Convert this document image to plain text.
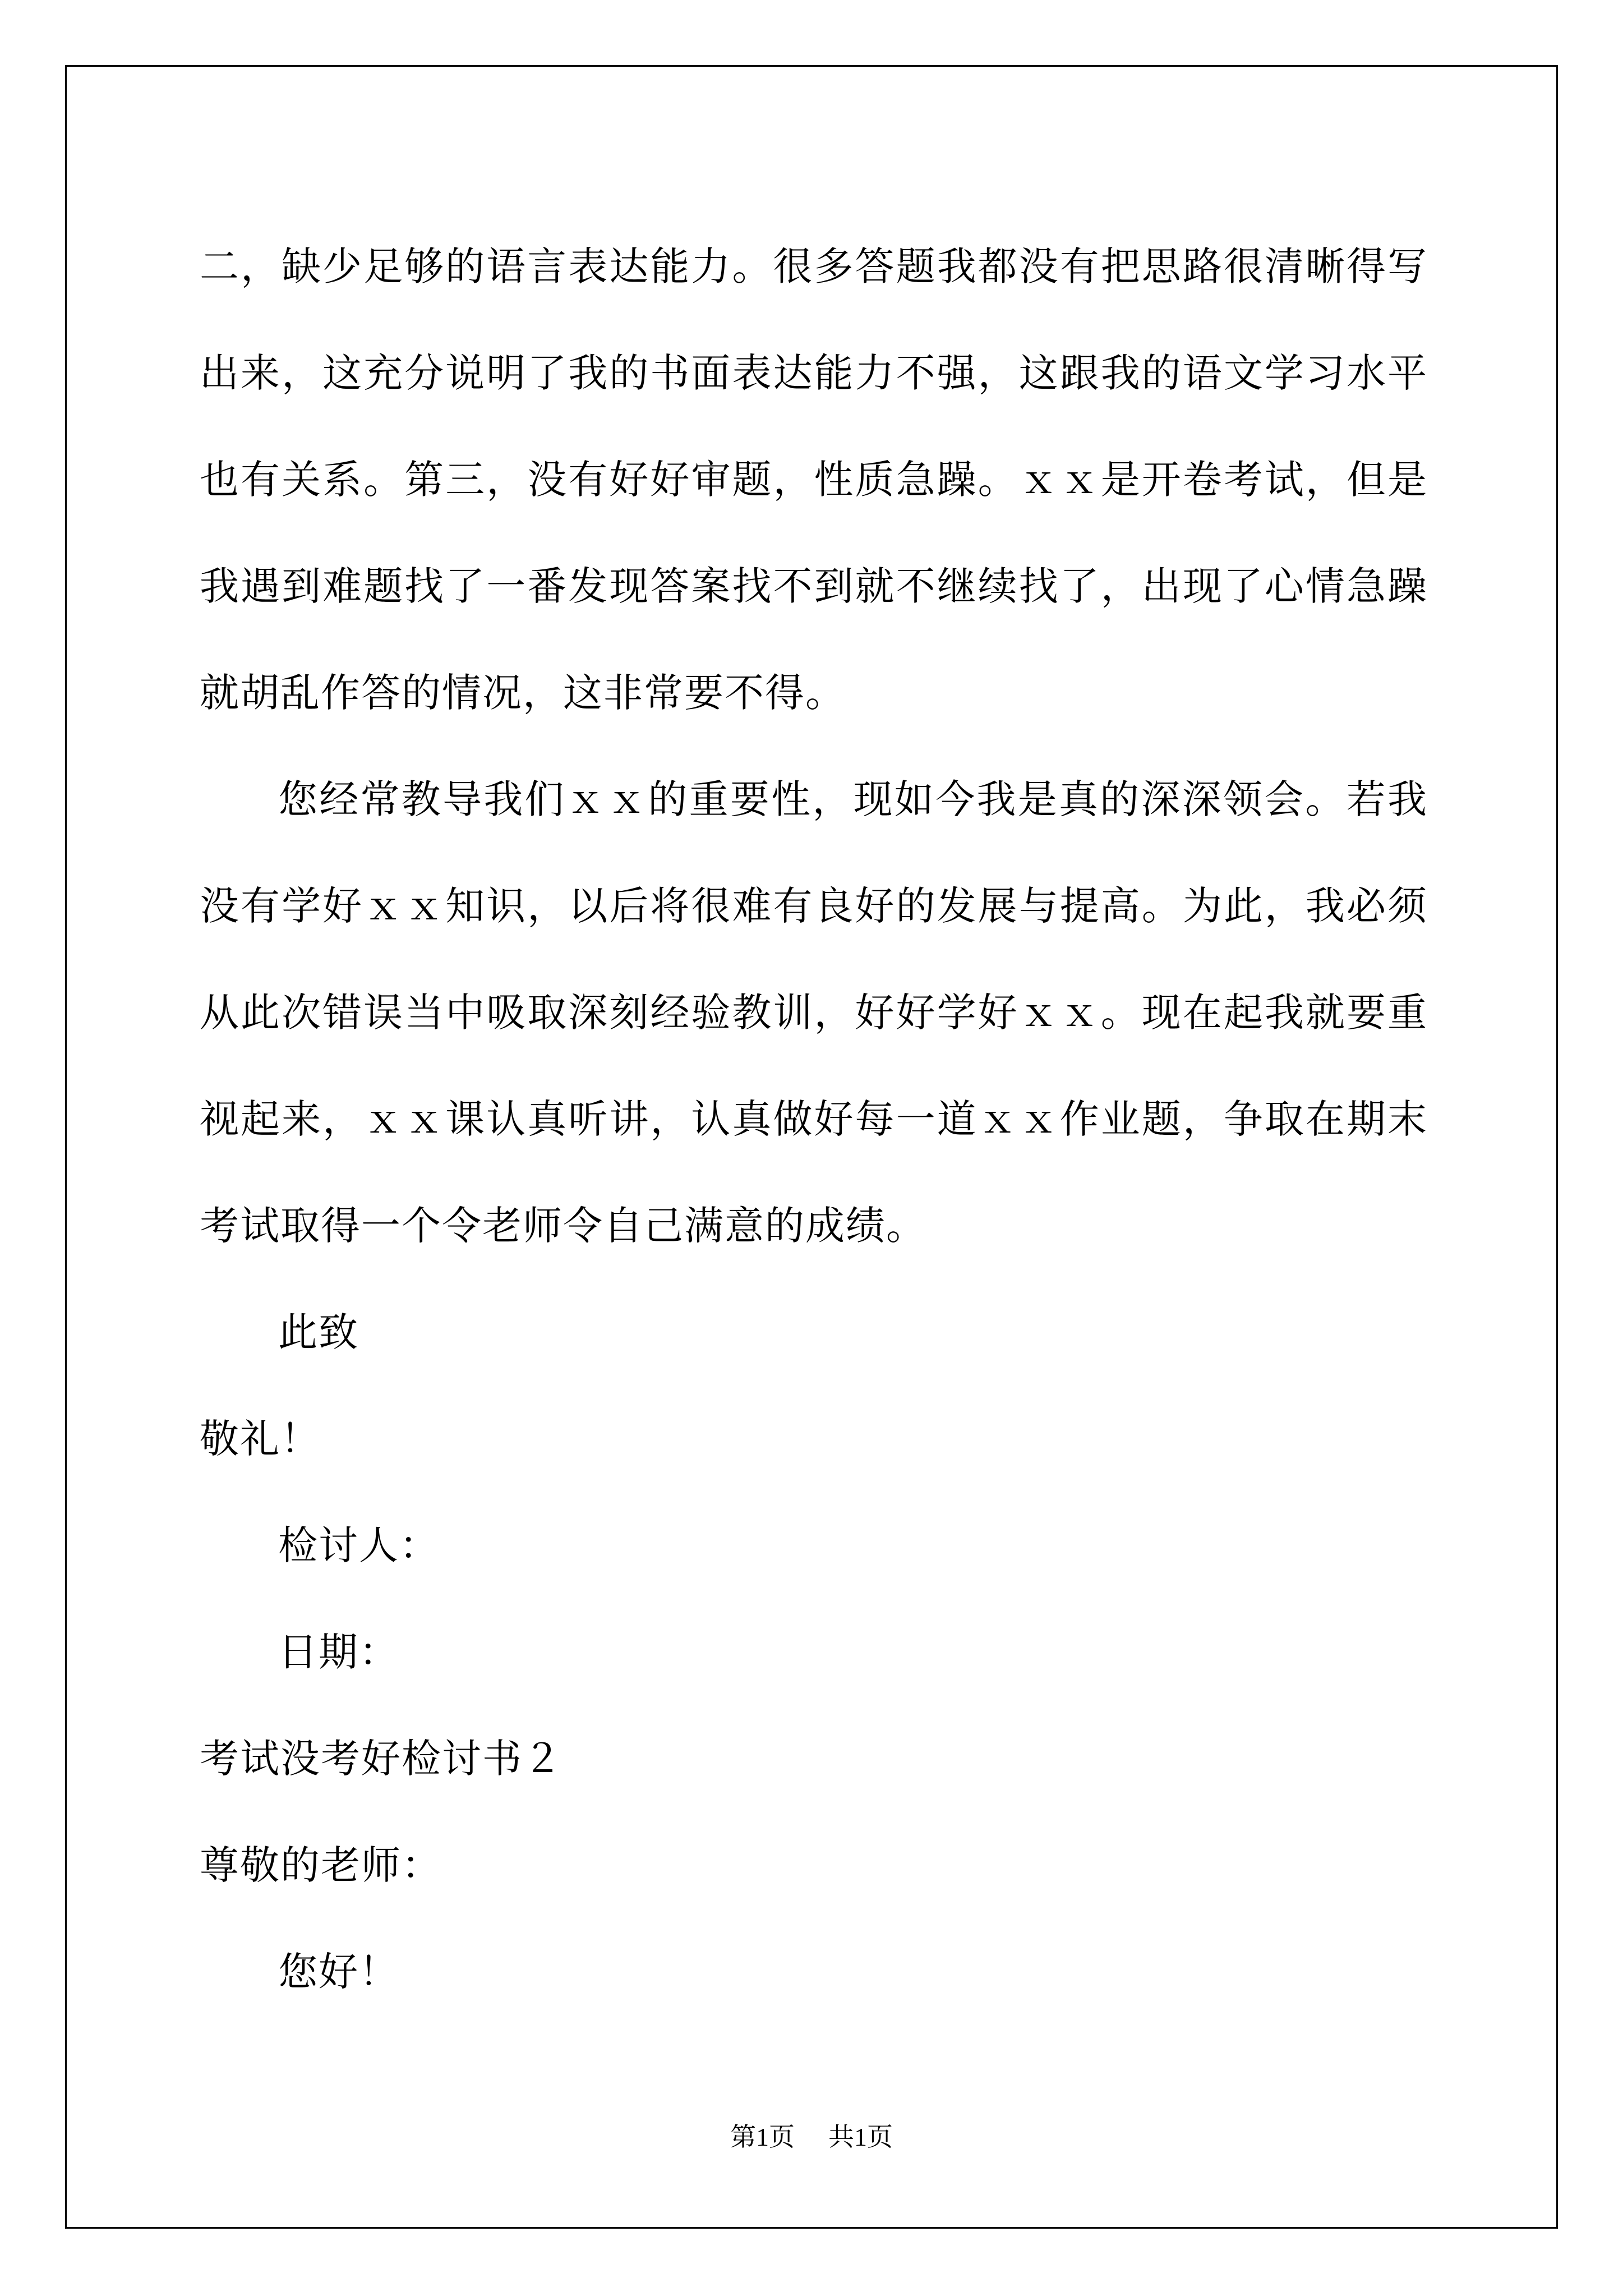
二，缺少足够的语言表达能力。很多答题我都没有把思路很清晰得写出来，这充分说明了我的书面表达能力不强，这跟我的语文学习水平也有关系。第三，没有好好审题，性质急躁。ｘｘ是开卷考试，但是我遇到难题找了一番发现答案找不到就不继续找了，出现了心情急躁就胡乱作答的情况，这非常要不得。

您经常教导我们ｘｘ的重要性，现如今我是真的深深领会。若我没有学好ｘｘ知识，以后将很难有良好的发展与提高。为此，我必须从此次错误当中吸取深刻经验教训，好好学好ｘｘ。现在起我就要重视起来，ｘｘ课认真听讲，认真做好每一道ｘｘ作业题，争取在期末考试取得一个令老师令自己满意的成绩。

此致

敬礼！

检讨人：

日期：

考试没考好检讨书２

尊敬的老师：

您好！

第1页 共1页
